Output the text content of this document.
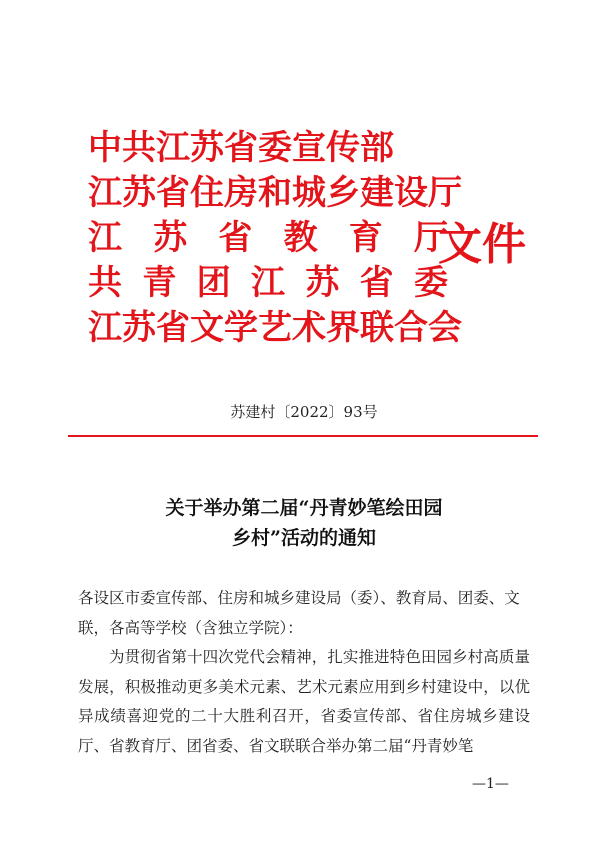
中共江苏省委宣传部
江苏省住房和城乡建设厅
江 苏 省 教 育 厅
共 青 团 江 苏 省 委
江苏省文学艺术界联合会
文件
苏建村〔2022〕93号
关于举办第二届“丹青妙笔绘田园
乡村”活动的通知
各设区市委宣传部、住房和城乡建设局（委）、教育局、团委、文联，各高等学校（含独立学院）：
为贯彻省第十四次党代会精神，扎实推进特色田园乡村高质量发展，积极推动更多美术元素、艺术元素应用到乡村建设中，以优异成绩喜迎党的二十大胜利召开，省委宣传部、省住房城乡建设厅、省教育厅、团省委、省文联联合举办第二届“丹青妙笔
—1—
